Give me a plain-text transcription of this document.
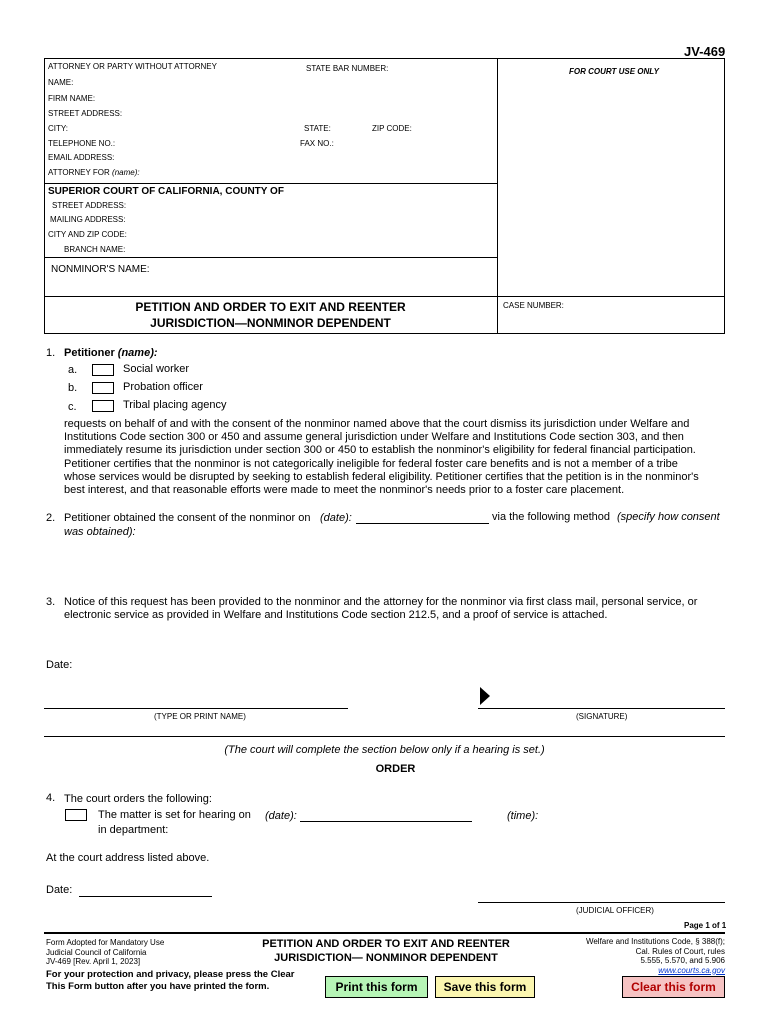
JV-469
ATTORNEY OR PARTY WITHOUT ATTORNEY	STATE BAR NUMBER:	FOR COURT USE ONLY
NAME:
FIRM NAME:
STREET ADDRESS:
CITY:	STATE:	ZIP CODE:
TELEPHONE NO.:	FAX NO.:
EMAIL ADDRESS:
ATTORNEY FOR (name):
SUPERIOR COURT OF CALIFORNIA, COUNTY OF
STREET ADDRESS:
MAILING ADDRESS:
CITY AND ZIP CODE:
BRANCH NAME:
NONMINOR'S NAME:
PETITION AND ORDER TO EXIT AND REENTER
JURISDICTION—NONMINOR DEPENDENT
CASE NUMBER:
1. Petitioner (name):
a.	Social worker
b.	Probation officer
c.	Tribal placing agency
requests on behalf of and with the consent of the nonminor named above that the court dismiss its jurisdiction under Welfare and
Institutions Code section 300 or 450 and assume general jurisdiction under Welfare and Institutions Code section 303, and then
immediately resume its jurisdiction under section 300 or 450 to establish the nonminor's eligibility for federal financial participation.
Petitioner certifies that the nonminor is not categorically ineligible for federal foster care benefits and is not a member of a tribe
whose services would be disrupted by seeking to establish federal eligibility. Petitioner certifies that the petition is in the nonminor's
best interest, and that reasonable efforts were made to meet the nonminor's needs prior to a foster care placement.
2. Petitioner obtained the consent of the nonminor on (date):	via the following method (specify how consent
was obtained):
3. Notice of this request has been provided to the nonminor and the attorney for the nonminor via first class mail, personal service, or
electronic service as provided in Welfare and Institutions Code section 212.5, and a proof of service is attached.
Date:
(TYPE OR PRINT NAME)	(SIGNATURE)
(The court will complete the section below only if a hearing is set.)
ORDER
4. The court orders the following:
The matter is set for hearing on (date):	(time):
in department:
At the court address listed above.
Date:
(JUDICIAL OFFICER)
Page 1 of 1
Form Adopted for Mandatory Use
Judicial Council of California
JV-469 [Rev. April 1, 2023]
PETITION AND ORDER TO EXIT AND REENTER
JURISDICTION— NONMINOR DEPENDENT
Welfare and Institutions Code, § 388(f);
Cal. Rules of Court, rules
5.555, 5.570, and 5.906
www.courts.ca.gov
For your protection and privacy, please press the Clear
This Form button after you have printed the form.	Print this form	Save this form	Clear this form
